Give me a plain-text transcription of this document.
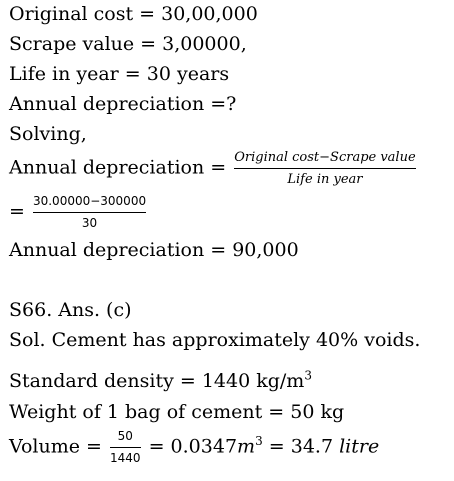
Original cost = 30,00,000
Scrape value = 3,00000,
Life in year = 30 years
Annual depreciation =?
Solving,
Annual depreciation = $\frac{\text{Original cost−Scrape value}}{\text{Life in year}}$
= $\frac{30.00000-300000}{30}$
Annual depreciation = 90,000
S66. Ans. (c)
Sol. Cement has approximately 40% voids.
Standard density = 1440 $kg/m^3$
Weight of 1 bag of cement = 50 kg
Volume = $\frac{50}{1440} = 0.0347m^3 = 34.7$ litre
